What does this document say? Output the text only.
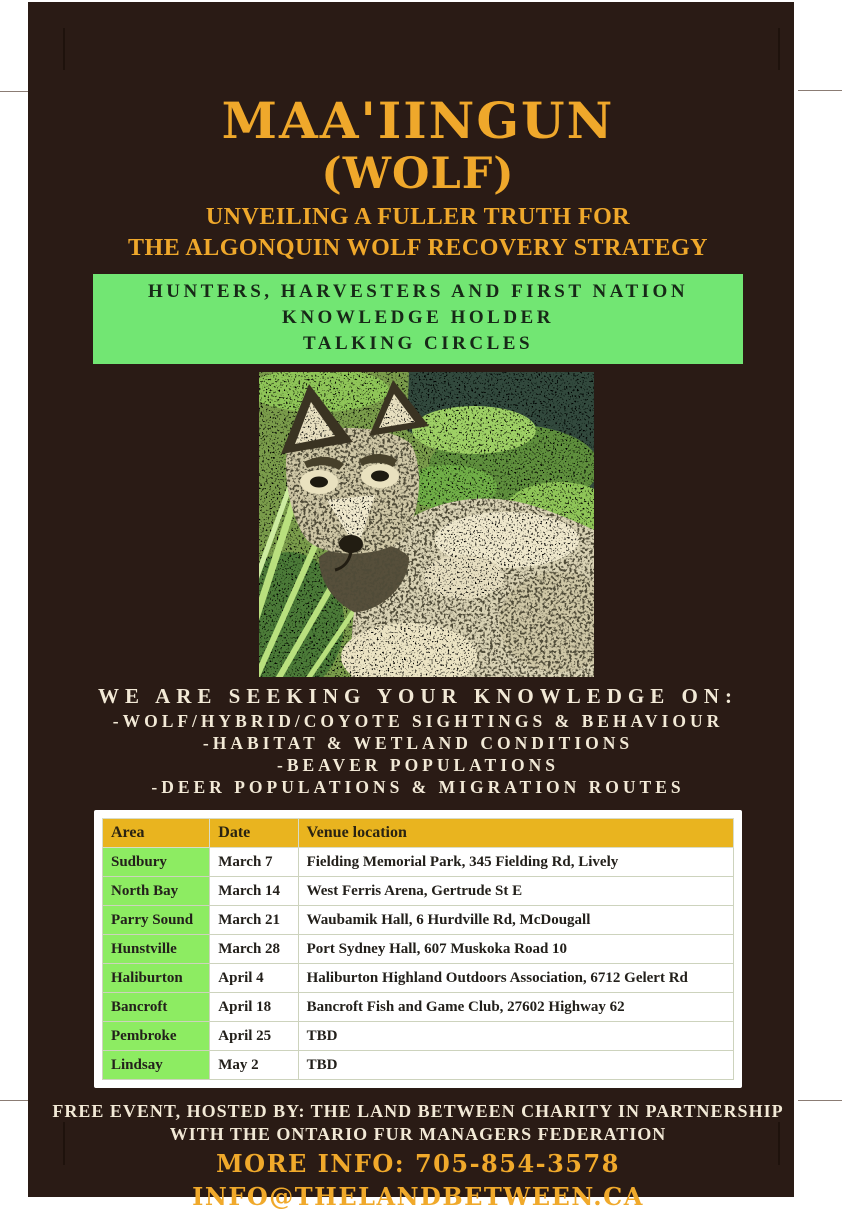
MAA'IINGUN
(WOLF)
UNVEILING A FULLER TRUTH FOR
THE ALGONQUIN WOLF RECOVERY STRATEGY
HUNTERS, HARVESTERS AND FIRST NATION KNOWLEDGE HOLDER
TALKING CIRCLES
WE ARE SEEKING YOUR KNOWLEDGE ON:
-WOLF/HYBRID/COYOTE SIGHTINGS & BEHAVIOUR
-HABITAT & WETLAND CONDITIONS
-BEAVER POPULATIONS
-DEER POPULATIONS & MIGRATION ROUTES
Area	Date	Venue location
Sudbury	March 7	Fielding Memorial Park, 345 Fielding Rd, Lively
North Bay	March 14	West Ferris Arena, Gertrude St E
Parry Sound	March 21	Waubamik Hall, 6 Hurdville Rd, McDougall
Hunstville	March 28	Port Sydney Hall, 607 Muskoka Road 10
Haliburton	April 4	Haliburton Highland Outdoors Association, 6712 Gelert Rd
Bancroft	April 18	Bancroft Fish and Game Club, 27602 Highway 62
Pembroke	April 25	TBD
Lindsay	May 2	TBD
FREE EVENT, HOSTED BY: THE LAND BETWEEN CHARITY IN PARTNERSHIP
WITH THE ONTARIO FUR MANAGERS FEDERATION
MORE INFO: 705-854-3578
INFO@THELANDBETWEEN.CA
